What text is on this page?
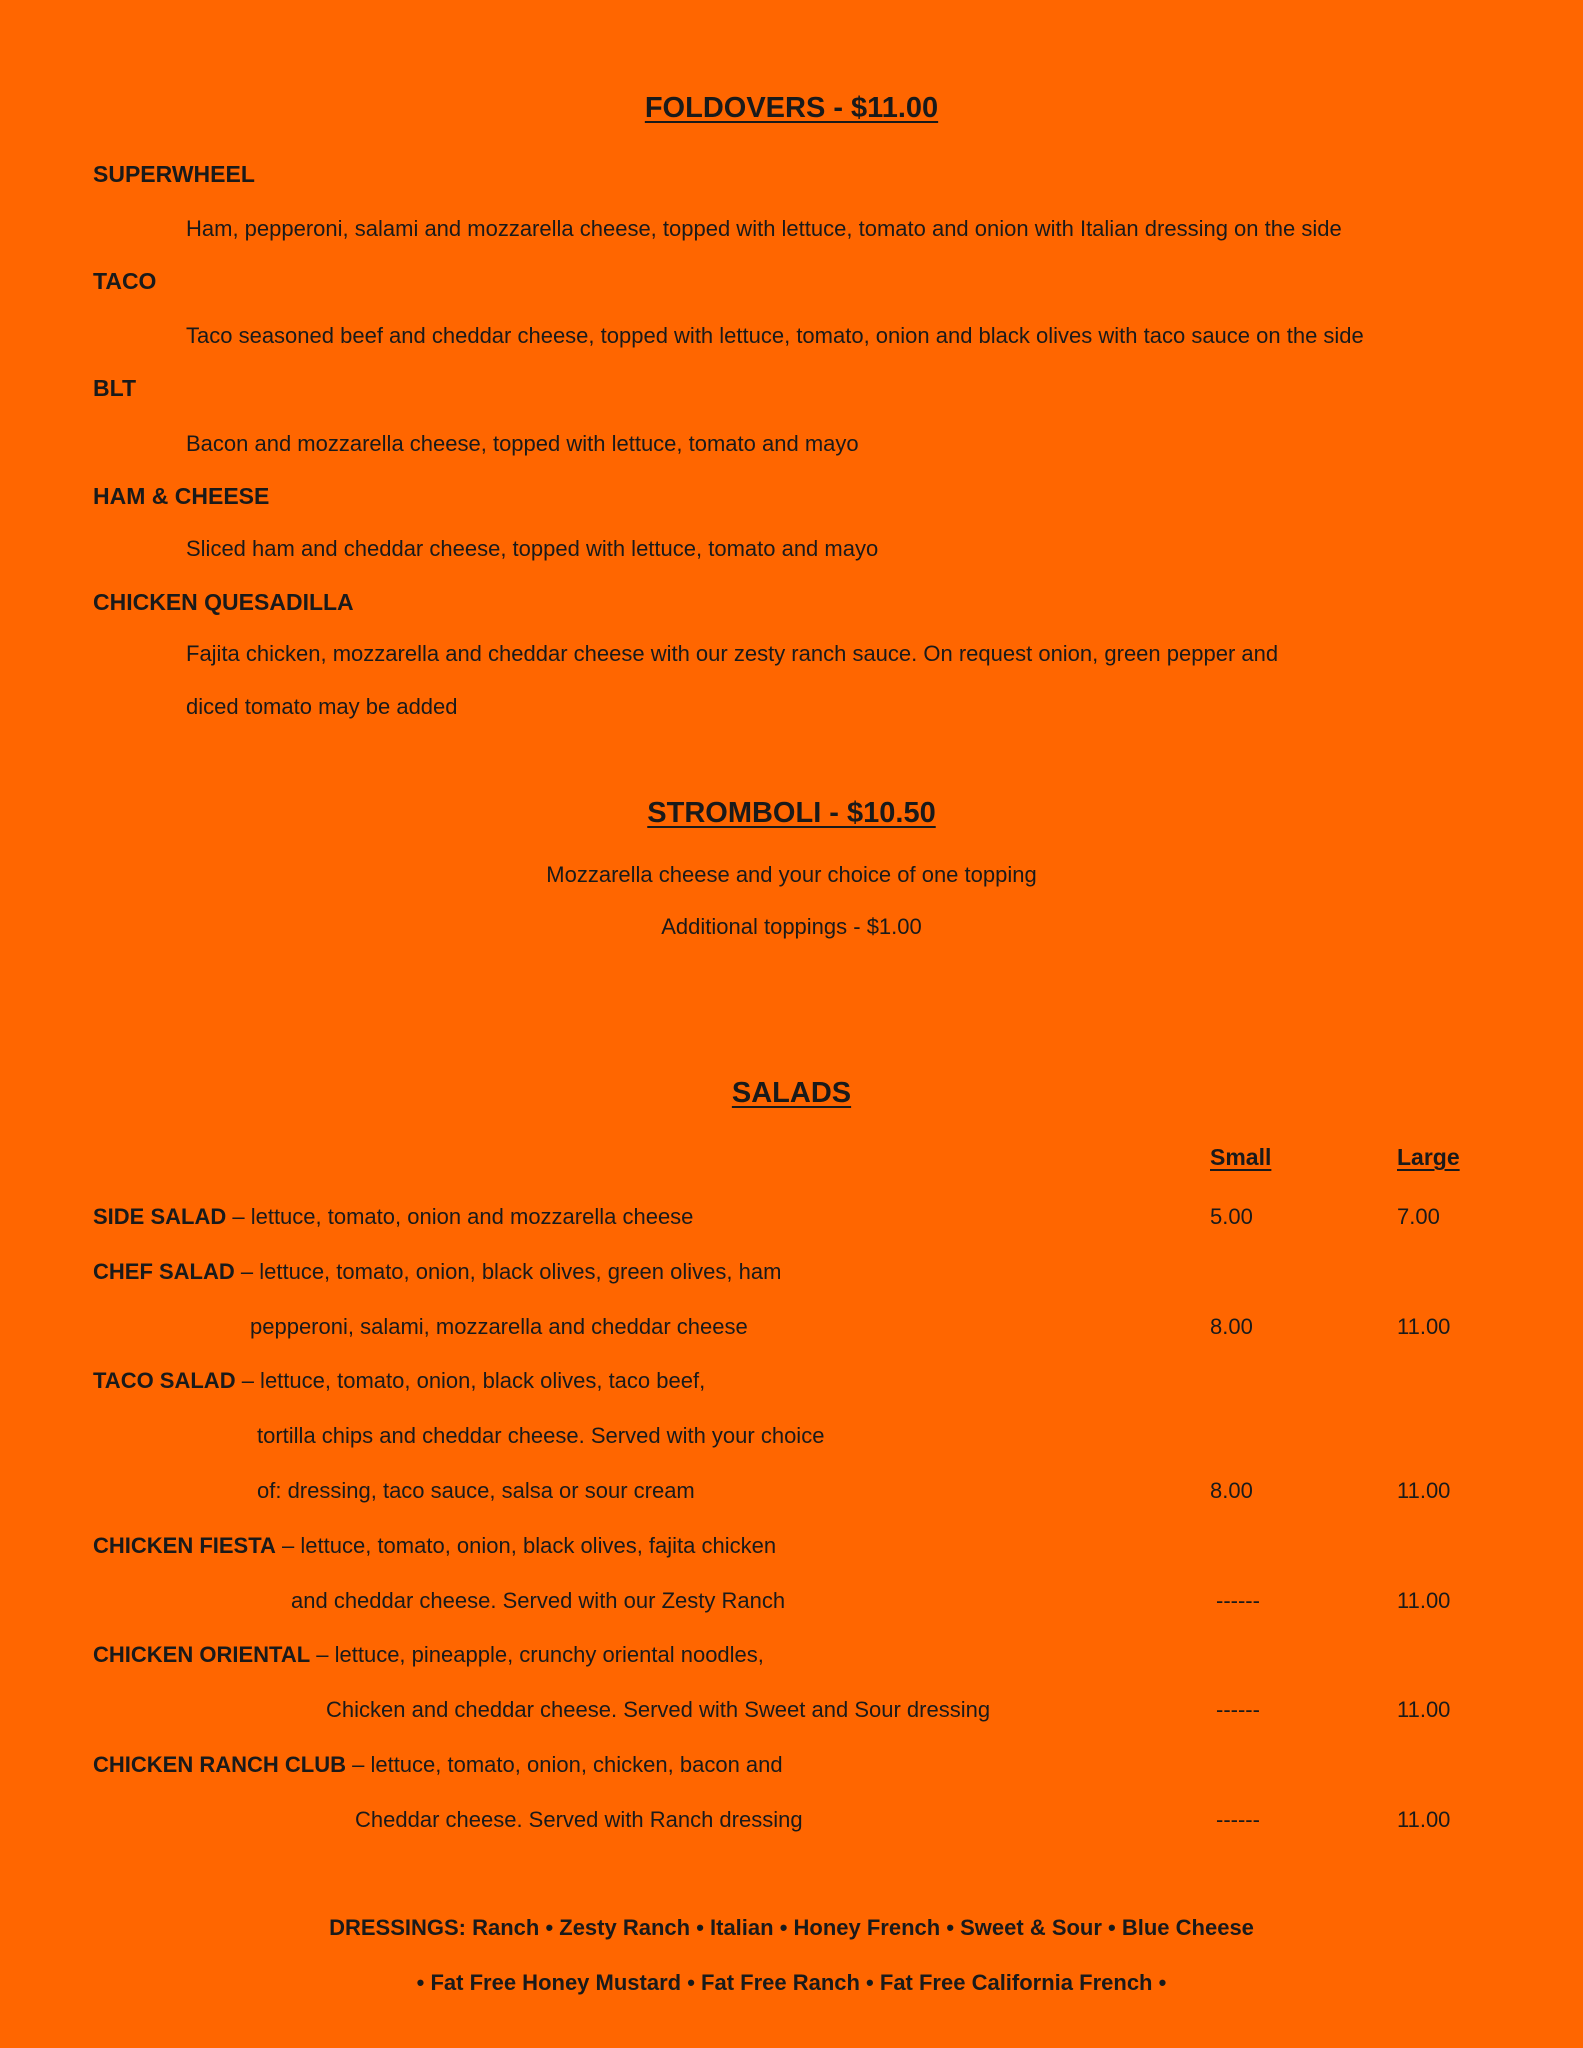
FOLDOVERS - $11.00
SUPERWHEEL
Ham, pepperoni, salami and mozzarella cheese, topped with lettuce, tomato and onion with Italian dressing on the side
TACO
Taco seasoned beef and cheddar cheese, topped with lettuce, tomato, onion and black olives with taco sauce on the side
BLT
Bacon and mozzarella cheese, topped with lettuce, tomato and mayo
HAM & CHEESE
Sliced ham and cheddar cheese, topped with lettuce, tomato and mayo
CHICKEN QUESADILLA
Fajita chicken, mozzarella and cheddar cheese with our zesty ranch sauce. On request onion, green pepper and
diced tomato may be added
STROMBOLI - $10.50
Mozzarella cheese and your choice of one topping
Additional toppings - $1.00
SALADS
Small	Large
SIDE SALAD – lettuce, tomato, onion and mozzarella cheese	5.00	7.00
CHEF SALAD – lettuce, tomato, onion, black olives, green olives, ham
pepperoni, salami, mozzarella and cheddar cheese	8.00	11.00
TACO SALAD – lettuce, tomato, onion, black olives, taco beef,
tortilla chips and cheddar cheese. Served with your choice
of: dressing, taco sauce, salsa or sour cream	8.00	11.00
CHICKEN FIESTA – lettuce, tomato, onion, black olives, fajita chicken
and cheddar cheese. Served with our Zesty Ranch	------	11.00
CHICKEN ORIENTAL – lettuce, pineapple, crunchy oriental noodles,
Chicken and cheddar cheese. Served with Sweet and Sour dressing	------	11.00
CHICKEN RANCH CLUB – lettuce, tomato, onion, chicken, bacon and
Cheddar cheese. Served with Ranch dressing	------	11.00
DRESSINGS: Ranch • Zesty Ranch • Italian • Honey French • Sweet & Sour • Blue Cheese
• Fat Free Honey Mustard • Fat Free Ranch • Fat Free California French •
